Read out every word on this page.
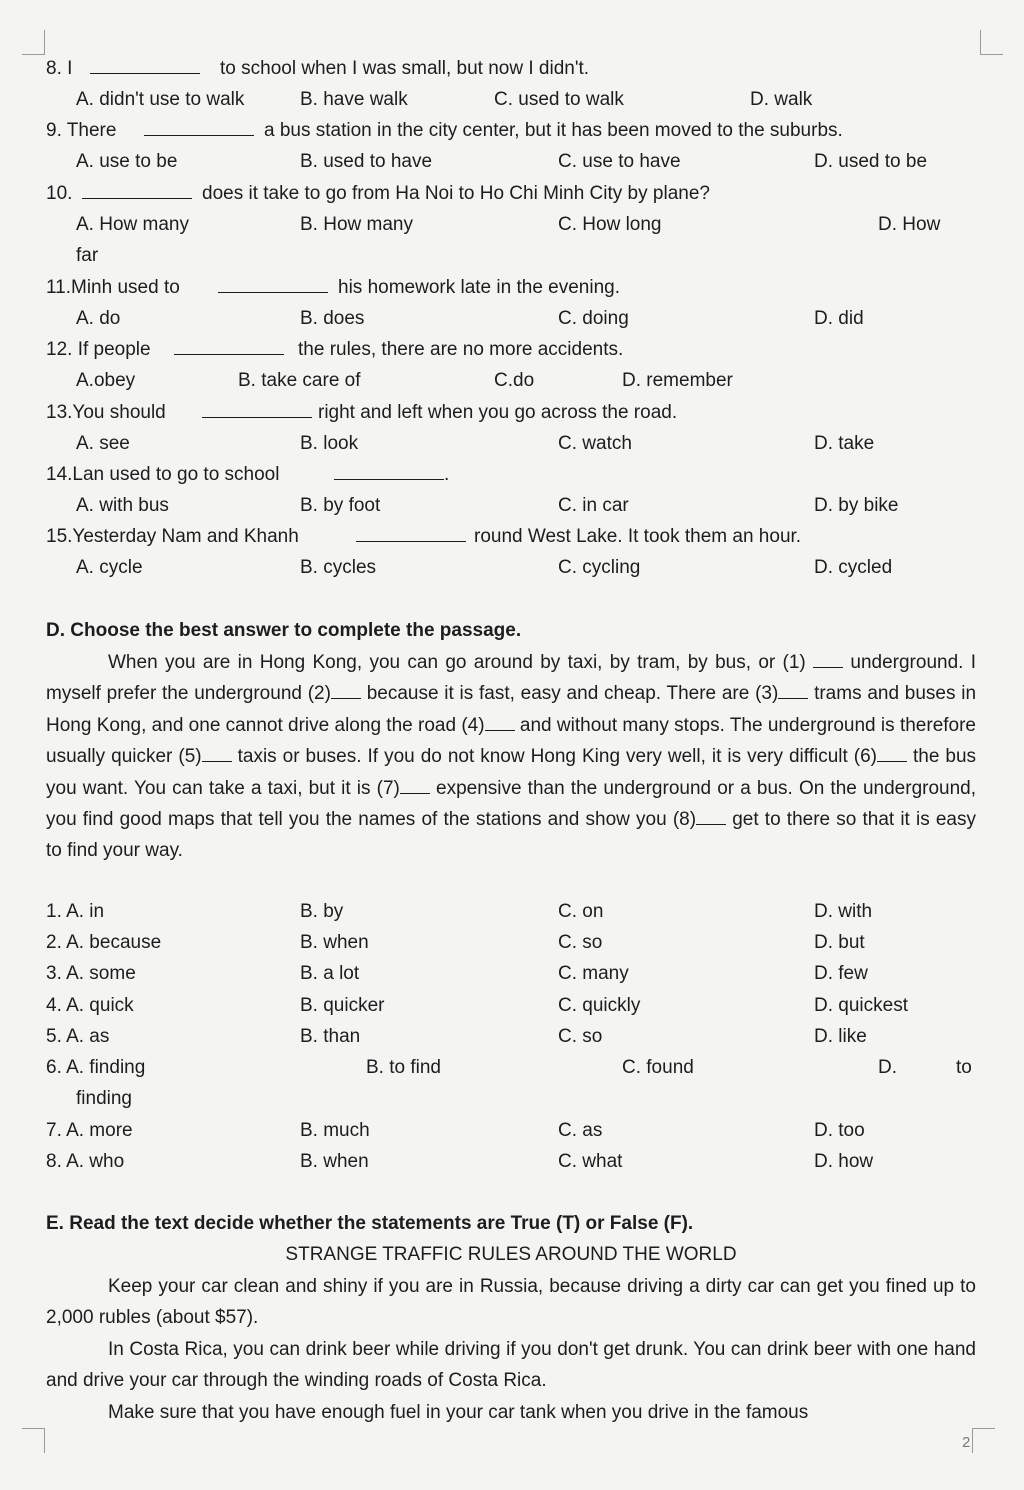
8. I	to school when I was small, but now I didn't.
A. didn't use to walk	B. have walk	C. used to walk	D. walk
9. There	a bus station in the city center, but it has been moved to the suburbs.
A. use to be	B. used to have	C. use to have	D. used to be
10.	does it take to go from Ha Noi to Ho Chi Minh City by plane?
A. How many	B. How many	C. How long	D. How
far
11.Minh used to	his homework late in the evening.
A. do	B. does	C. doing	D. did
12. If people	the rules, there are no more accidents.
A.obey	B. take care of	C.do	D. remember
13.You should	right and left when you go across the road.
A. see	B. look	C. watch	D. take
14.Lan used to go to school	.
A. with bus	B. by foot	C. in car	D. by bike
15.Yesterday Nam and Khanh	round West Lake. It took them an hour.
A. cycle	B. cycles	C. cycling	D. cycled
D. Choose the best answer to complete the passage.

When you are in Hong Kong, you can go around by taxi, by tram, by bus, or (1) underground. I myself prefer the underground (2) because it is fast, easy and cheap. There are (3) trams and buses in Hong Kong, and one cannot drive along the road (4) and without many stops. The underground is therefore usually quicker (5) taxis or buses. If you do not know Hong King very well, it is very difficult (6) the bus you want. You can take a taxi, but it is (7) expensive than the underground or a bus. On the underground, you find good maps that tell you the names of the stations and show you (8) get to there so that it is easy to find your way.

1. A. in	B. by	C. on	D. with
2. A. because	B. when	C. so	D. but
3. A. some	B. a lot	C. many	D. few
4. A. quick	B. quicker	C. quickly	D. quickest
5. A. as	B. than	C. so	D. like
6. A. finding	B. to find	C. found	D.	to
finding
7. A. more	B. much	C. as	D. too
8. A. who	B. when	C. what	D. how
E. Read the text decide whether the statements are True (T) or False (F).
STRANGE TRAFFIC RULES AROUND THE WORLD

Keep your car clean and shiny if you are in Russia, because driving a dirty car can get you fined up to 2,000 rubles (about $57).

In Costa Rica, you can drink beer while driving if you don't get drunk. You can drink beer with one hand and drive your car through the winding roads of Costa Rica.

Make sure that you have enough fuel in your car tank when you drive in the famous

2
